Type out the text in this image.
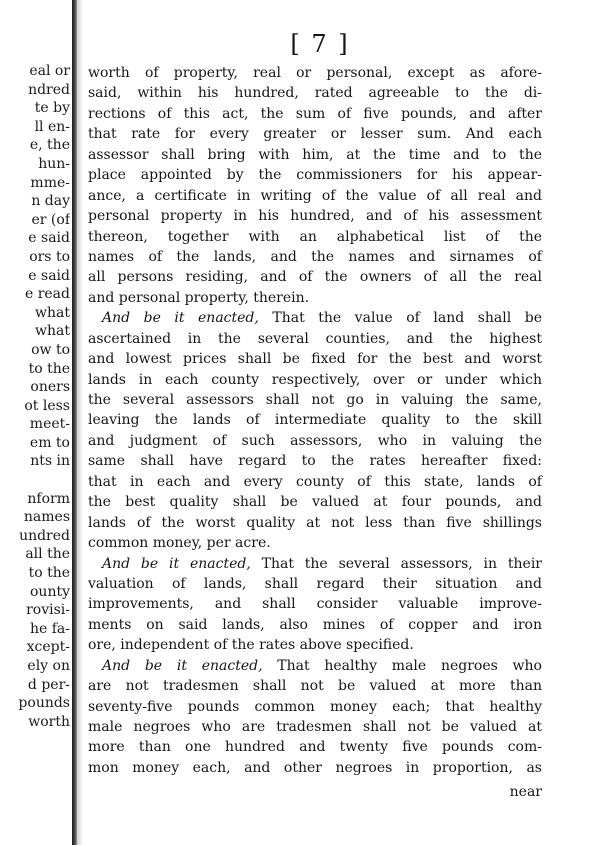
[ 7 ]
eal or
ndred
te by
ll en-
e, the
hun-
mme-
n day
er (of
e said
ors to
e said
e read
what
what
ow to
to the
oners
ot less
meet-
em to
nts in
nform
names
undred
all the
to the
ounty
rovisi-
he fa-
xcept-
ely on
d per-
pounds
worth
worth of property, real or personal, except as afore-
said, within his hundred, rated agreeable to the di-
rections of this act, the sum of five pounds, and after
that rate for every greater or lesser sum. And each
assessor shall bring with him, at the time and to the
place appointed by the commissioners for his appear-
ance, a certificate in writing of the value of all real and
personal property in his hundred, and of his assessment
thereon, together with an alphabetical list of the
names of the lands, and the names and sirnames of
all persons residing, and of the owners of all the real
and personal property, therein.
And be it enacted, That the value of land shall be
ascertained in the several counties, and the highest
and lowest prices shall be fixed for the best and worst
lands in each county respectively, over or under which
the several assessors shall not go in valuing the same,
leaving the lands of intermediate quality to the skill
and judgment of such assessors, who in valuing the
same shall have regard to the rates hereafter fixed:
that in each and every county of this state, lands of
the best quality shall be valued at four pounds, and
lands of the worst quality at not less than five shillings
common money, per acre.
And be it enacted, That the several assessors, in their
valuation of lands, shall regard their situation and
improvements, and shall consider valuable improve-
ments on said lands, also mines of copper and iron
ore, independent of the rates above specified.
And be it enacted, That healthy male negroes who
are not tradesmen shall not be valued at more than
seventy-five pounds common money each; that healthy
male negroes who are tradesmen shall not be valued at
more than one hundred and twenty five pounds com-
mon money each, and other negroes in proportion, as
near
